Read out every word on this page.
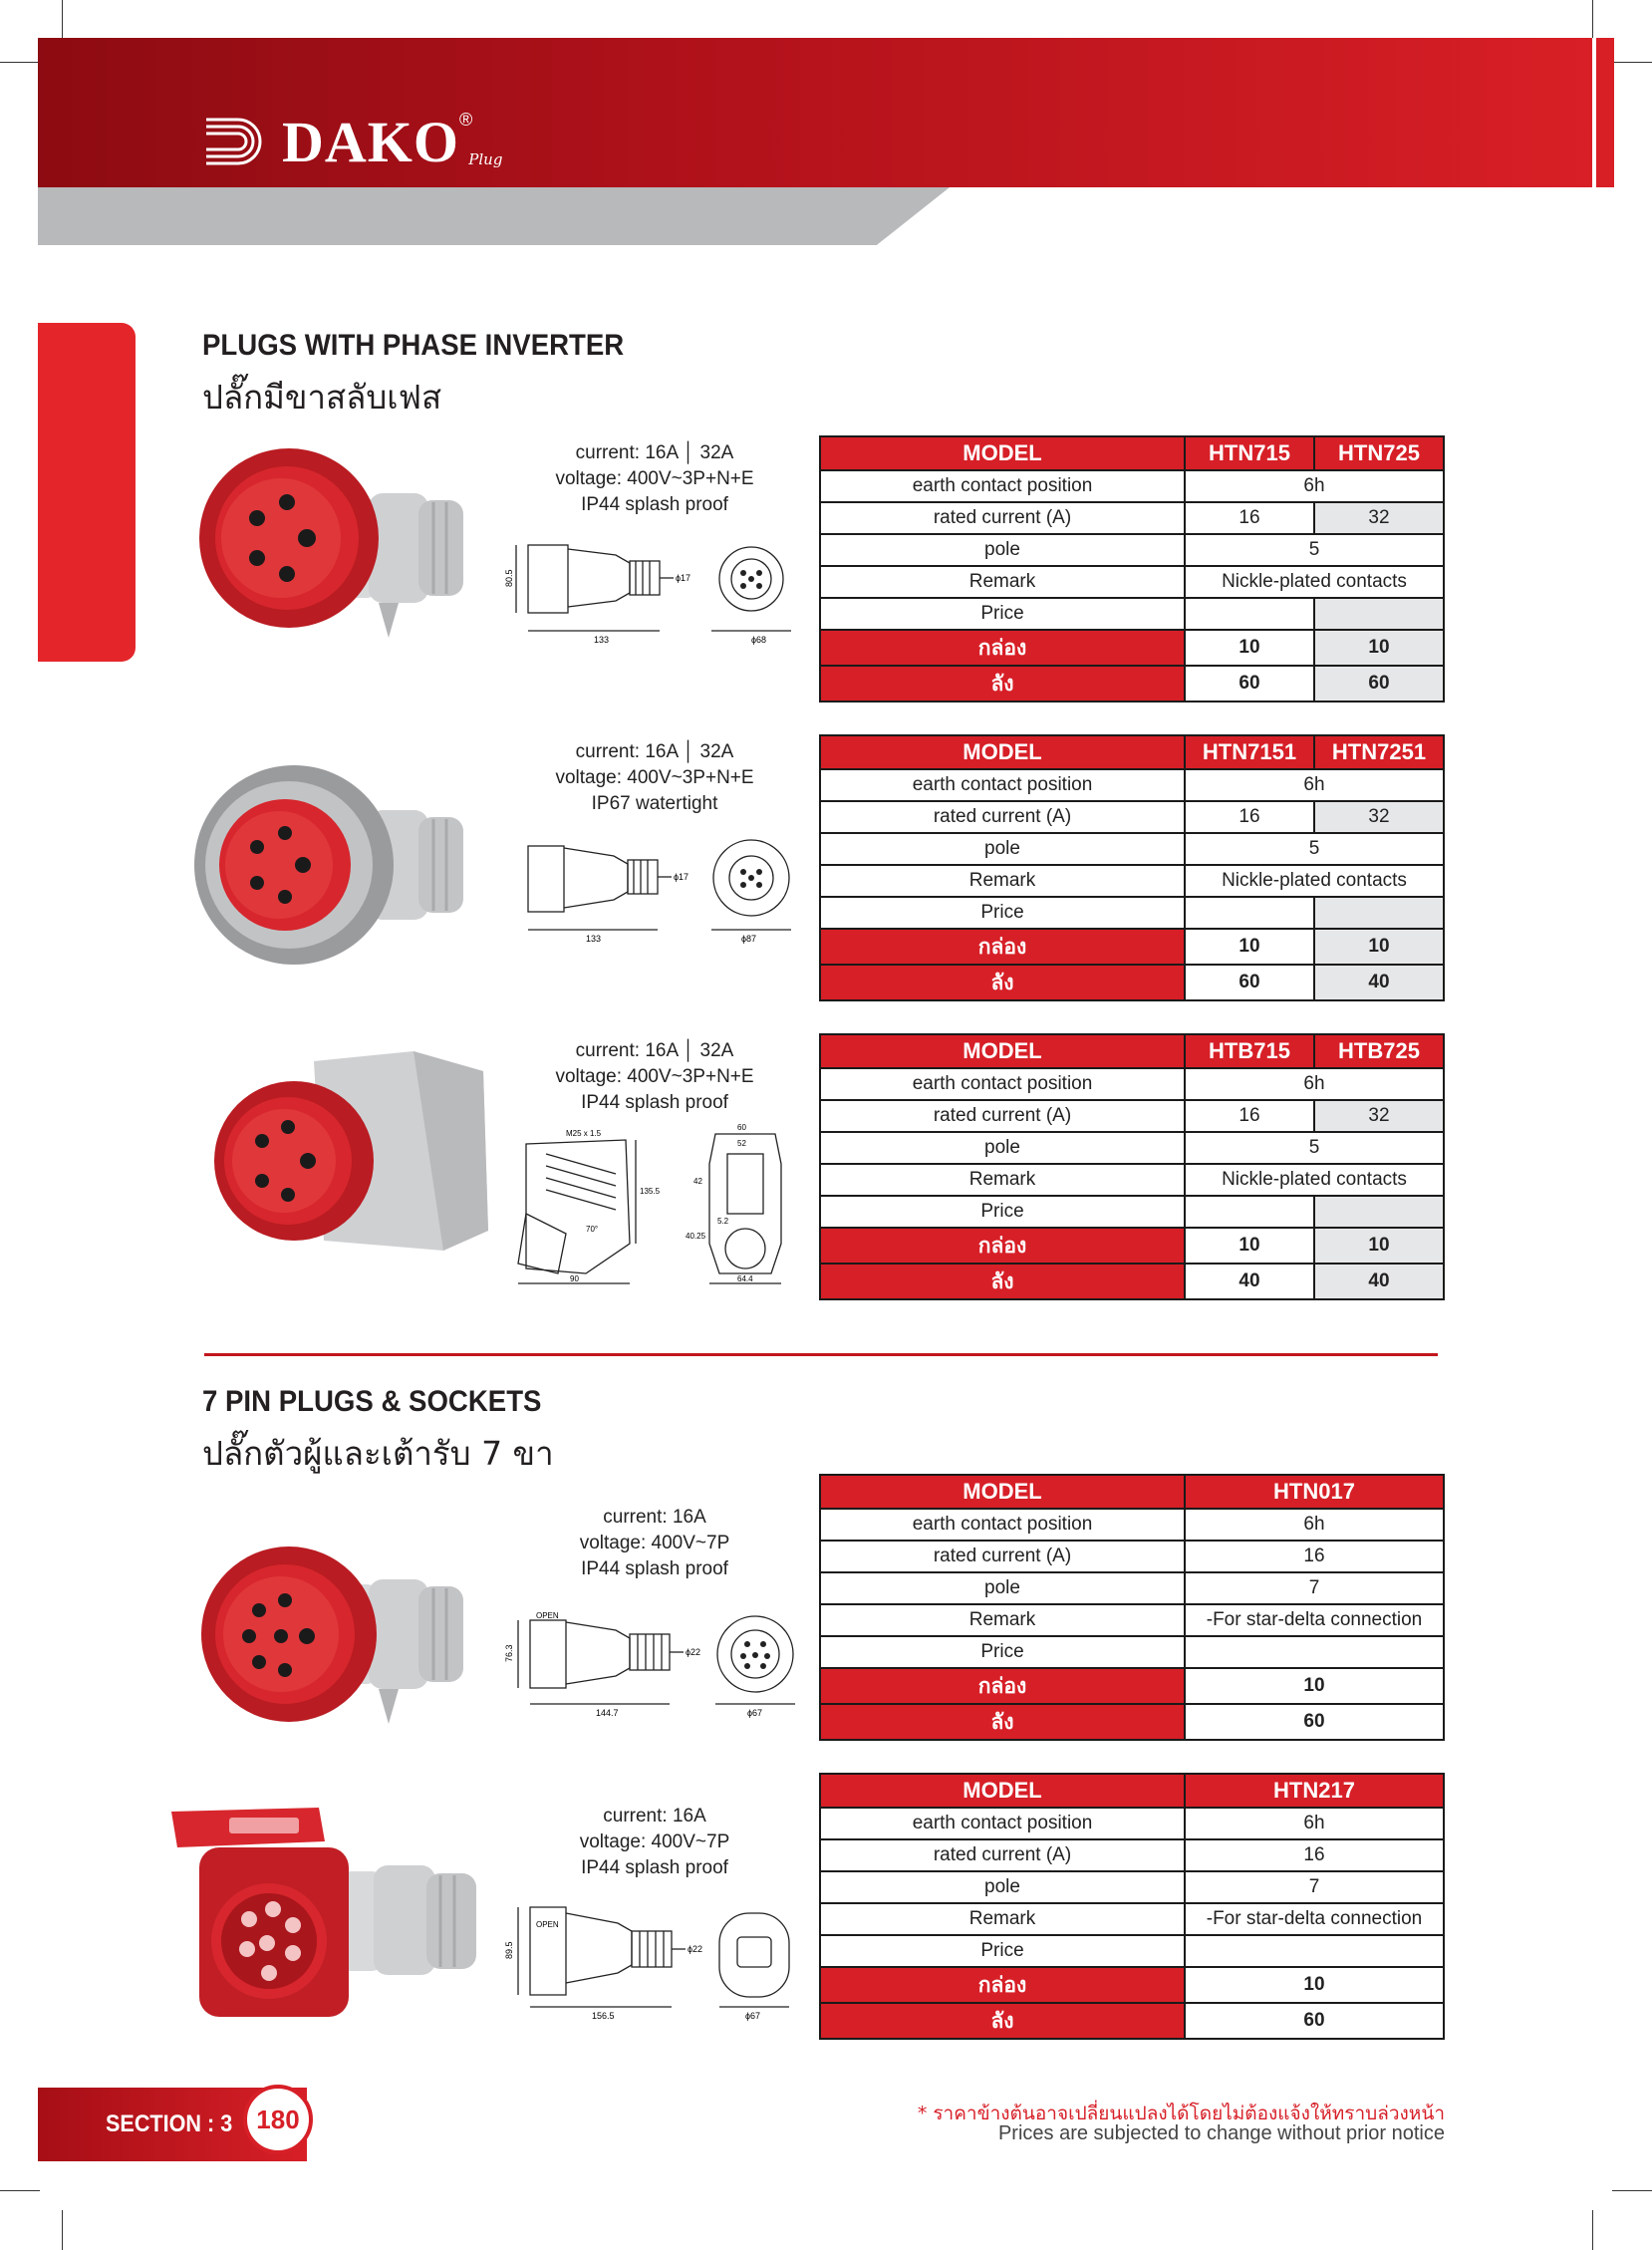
DAKO ®
Plug
PLUGS WITH PHASE INVERTER
ปลั๊กมีขาสลับเฟส
current: 16A │ 32A
voltage: 400V~3P+N+E
IP44 splash proof
80.5
133
ϕ17
ϕ68
MODEL	HTN715	HTN725
earth contact position	6h	
rated current (A)	16	32
pole	5	
Remark	Nickle-plated contacts	
Price		
กล่อง	10	10
ลัง	60	60
current: 16A │ 32A
voltage: 400V~3P+N+E
IP67 watertight
133
ϕ17
ϕ87
MODEL	HTN7151	HTN7251
earth contact position	6h	
rated current (A)	16	32
pole	5	
Remark	Nickle-plated contacts	
Price		
กล่อง	10	10
ลัง	60	40
current: 16A │ 32A
voltage: 400V~3P+N+E
IP44 splash proof
M25 x 1.5
135.5
70°
90
60
52
42
40.25
5.2
64.4
MODEL	HTB715	HTB725
earth contact position	6h	
rated current (A)	16	32
pole	5	
Remark	Nickle-plated contacts	
Price		
กล่อง	10	10
ลัง	40	40
7 PIN PLUGS & SOCKETS
ปลั๊กตัวผู้และเต้ารับ 7 ขา
current: 16A
voltage: 400V~7P
IP44 splash proof
OPEN
76.3
144.7
ϕ22
ϕ67
MODEL	HTN017
earth contact position	6h
rated current (A)	16
pole	7
Remark	-For star-delta connection
Price	
กล่อง	10
ลัง	60
current: 16A
voltage: 400V~7P
IP44 splash proof
OPEN
89.5
156.5
ϕ22
ϕ67
MODEL	HTN217
earth contact position	6h
rated current (A)	16
pole	7
Remark	-For star-delta connection
Price	
กล่อง	10
ลัง	60
SECTION : 3 180	* ราคาข้างต้นอาจเปลี่ยนแปลงได้โดยไม่ต้องแจ้งให้ทราบล่วงหน้า
Prices are subjected to change without prior notice
